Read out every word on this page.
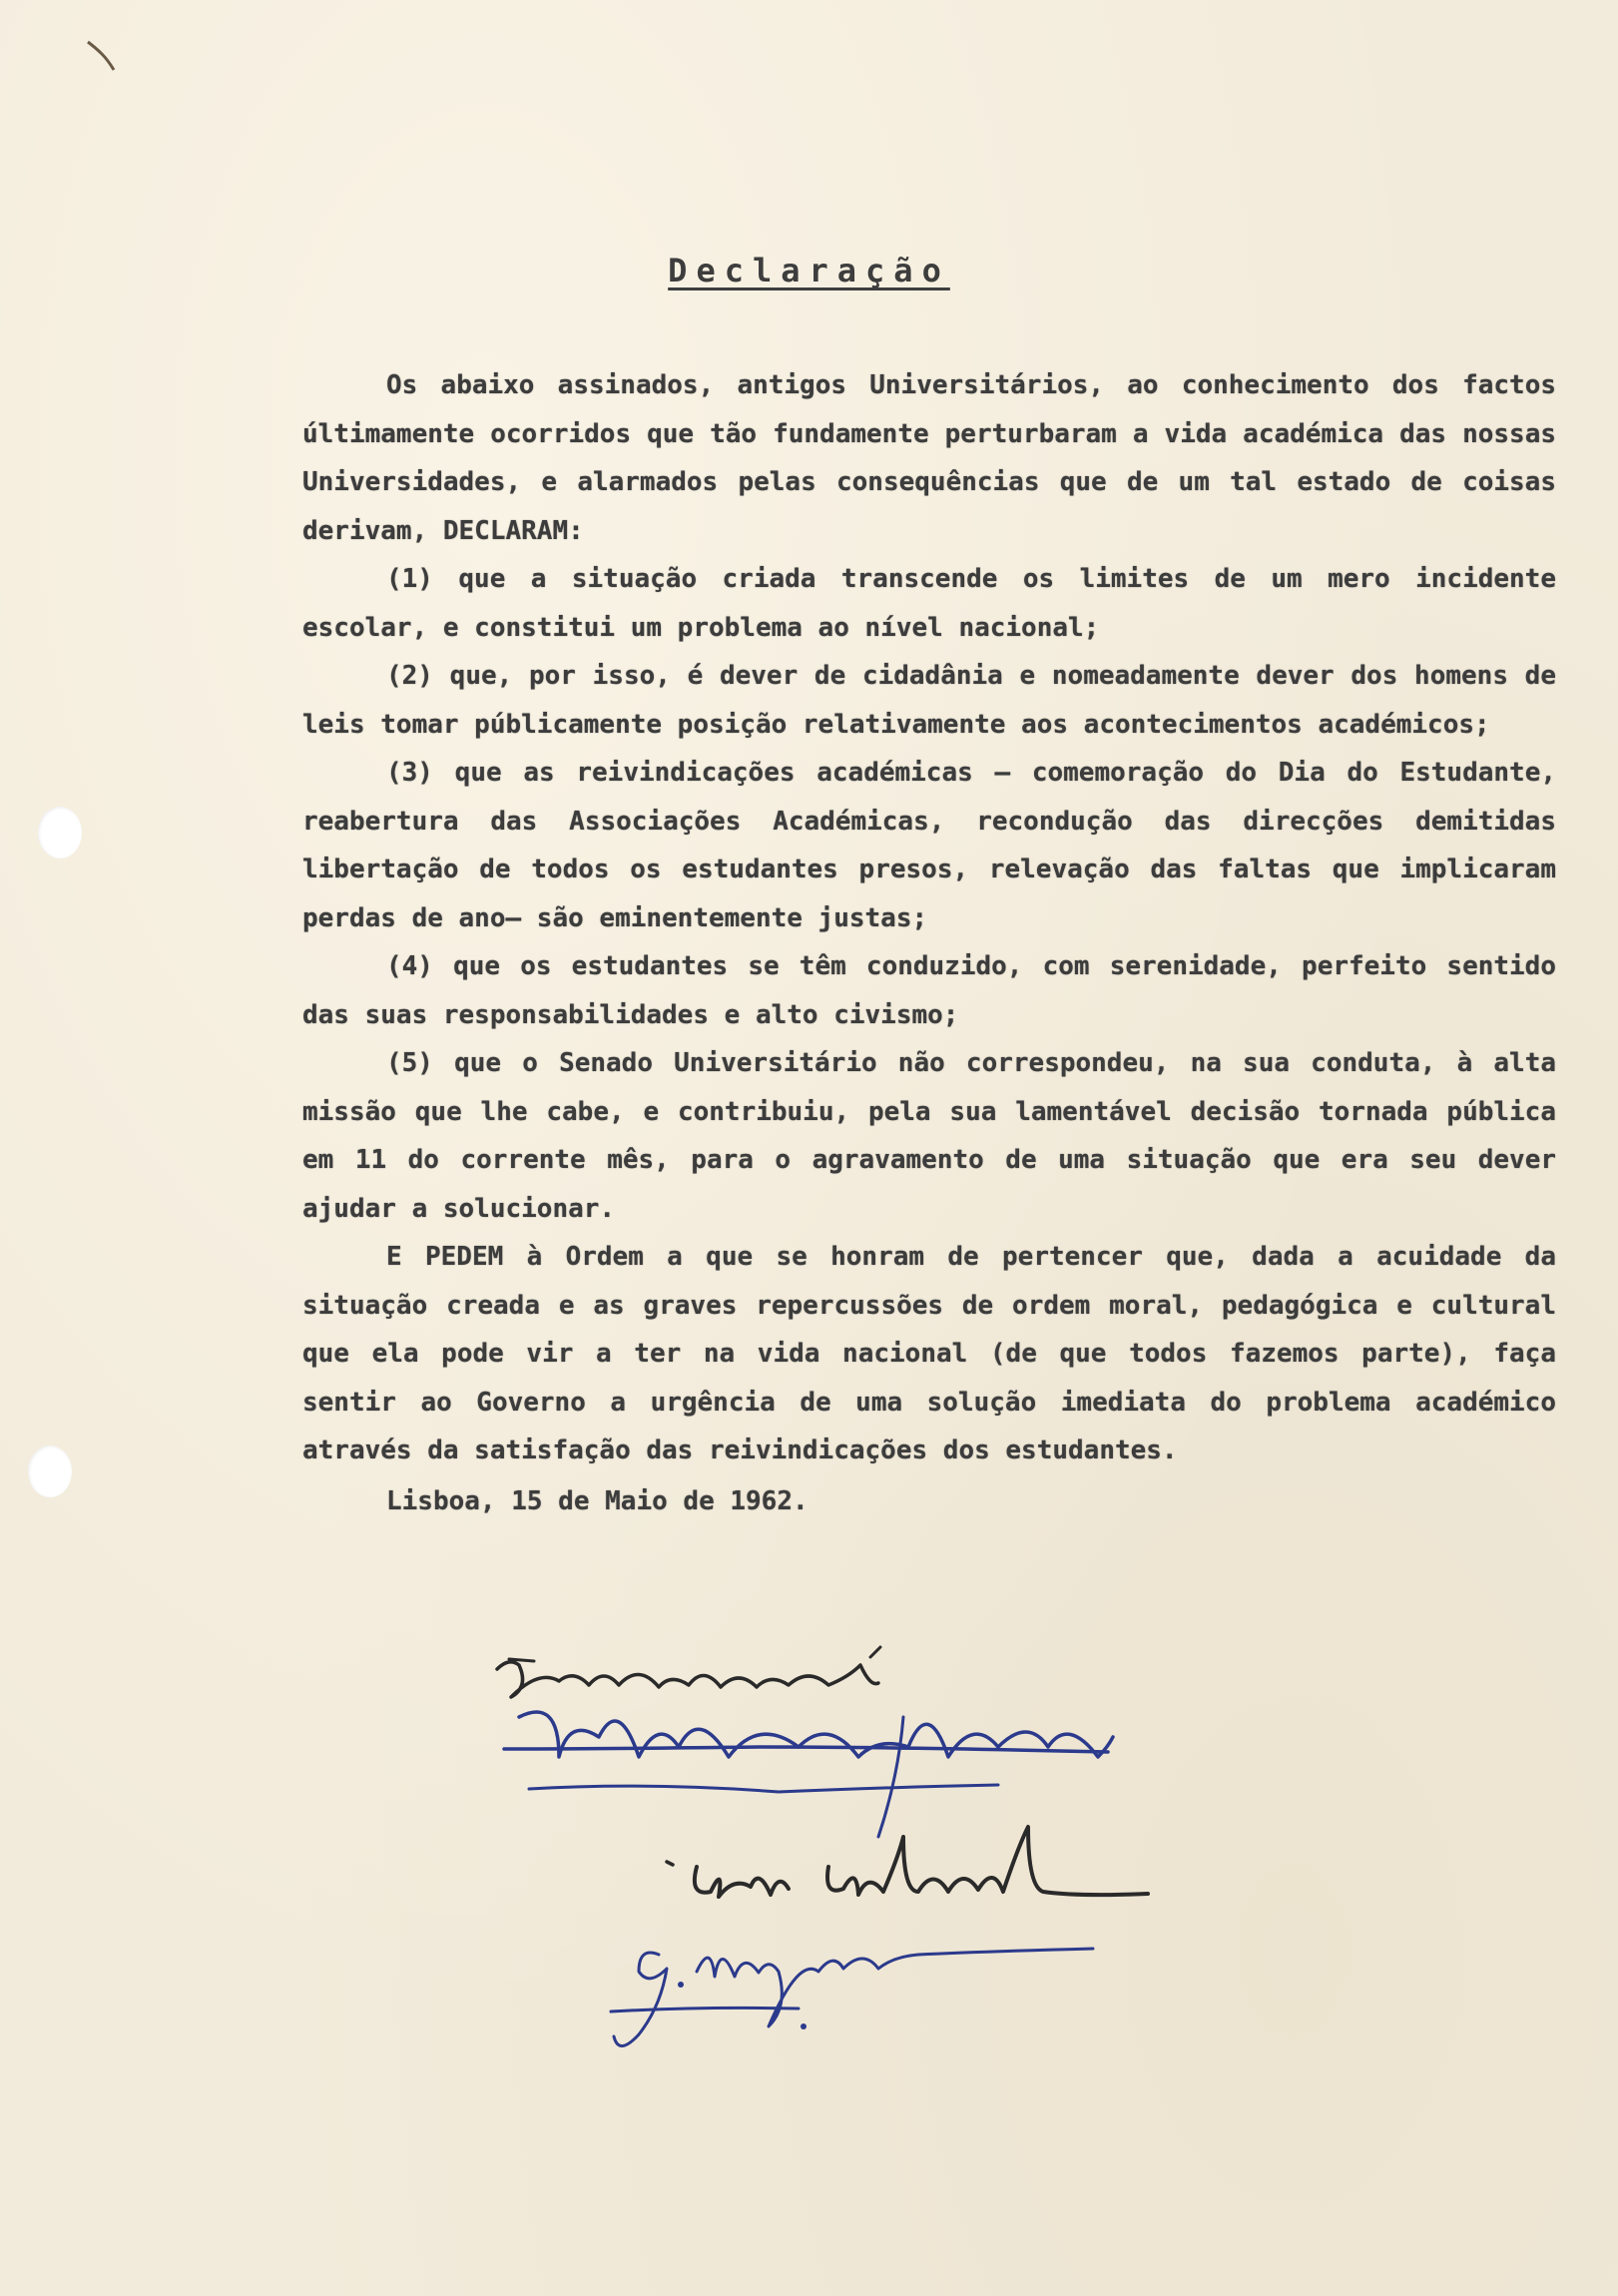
Declaração

Os abaixo assinados, antigos Universitários, ao conhecimento dos factos últimamente ocorridos que tão fundamente perturbaram a vida académica das nossas Universidades, e alarmados pelas consequências que de um tal estado de coisas derivam, DECLARAM:

(1) que a situação criada transcende os limites de um mero incidente escolar, e constitui um problema ao nível nacional;

(2) que, por isso, é dever de cidadânia e nomeadamente dever dos homens de leis tomar públicamente posição relativamente aos acontecimentos académicos;

(3) que as reivindicações académicas — comemoração do Dia do Estudante, reabertura das Associações Académicas, recondução das direcções demitidas libertação de todos os estudantes presos, relevação das faltas que implicaram perdas de ano— são eminentemente justas;

(4) que os estudantes se têm conduzido, com serenidade, perfeito sentido das suas responsabilidades e alto civismo;

(5) que o Senado Universitário não correspondeu, na sua conduta, à alta missão que lhe cabe, e contribuiu, pela sua lamentável decisão tornada pública em 11 do corrente mês, para o agravamento de uma situação que era seu dever ajudar a solucionar.

E PEDEM à Ordem a que se honram de pertencer que, dada a acuidade da situação creada e as graves repercussões de ordem moral, pedagógica e cultural que ela pode vir a ter na vida nacional (de que todos fazemos parte), faça sentir ao Governo a urgência de uma solução imediata do problema académico através da satisfação das reivindicações dos estudantes.

Lisboa, 15 de Maio de 1962.
